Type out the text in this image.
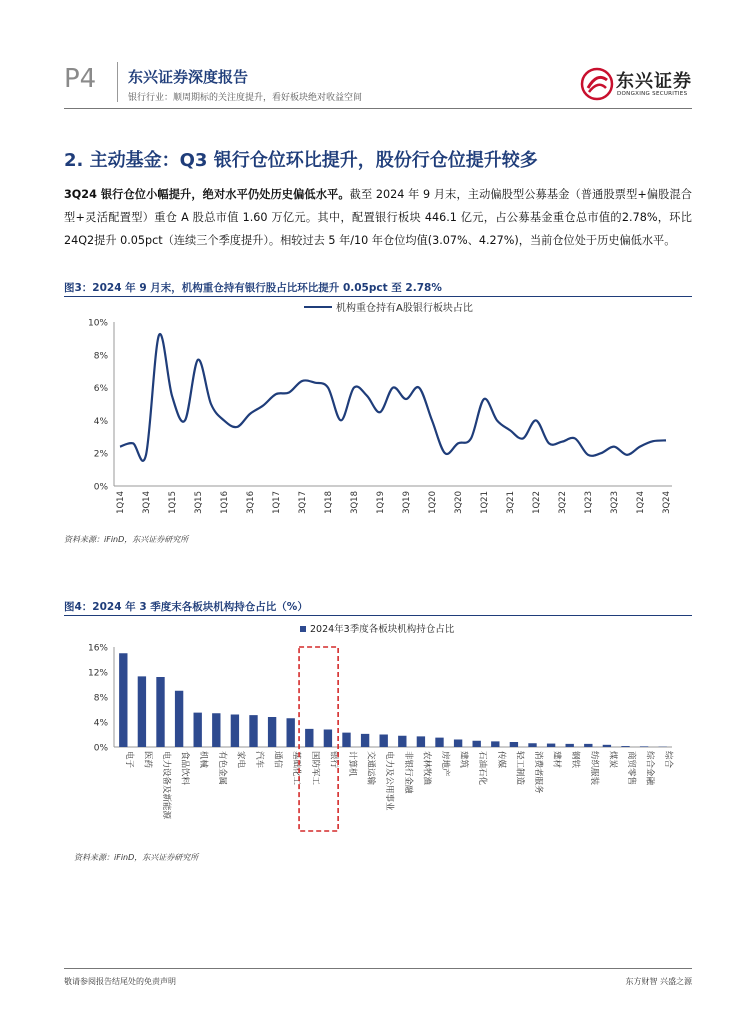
P4 东兴证券深度报告
银行行业：顺周期标的关注度提升，看好板块绝对收益空间
东兴证券
DONGXING SECURITIES
2. 主动基金：Q3 银行仓位环比提升，股份行仓位提升较多
3Q24 银行仓位小幅提升，绝对水平仍处历史偏低水平。截至 2024 年 9 月末，主动偏股型公募基金（普通股票型+偏股混合型+灵活配置型）重仓 A 股总市值 1.60 万亿元。其中，配置银行板块 446.1 亿元，占公募基金重仓总市值的2.78%，环比24Q2提升 0.05pct（连续三个季度提升）。相较过去 5 年/10 年仓位均值(3.07%、4.27%)，当前仓位处于历史偏低水平。
图3：2024 年 9 月末，机构重仓持有银行股占比环比提升 0.05pct 至 2.78%
机构重仓持有A股银行板块占比
0%
2%
4%
6%
8%
10%
1Q14 3Q14 1Q15 3Q15 1Q16 3Q16 1Q17 3Q17 1Q18 3Q18 1Q19 3Q19 1Q20 3Q20 1Q21 3Q21 1Q22 3Q22 1Q23 3Q23 1Q24 3Q24
资料来源：iFinD，东兴证券研究所
图4：2024 年 3 季度末各板块机构持仓占比（%）
2024年3季度各板块机构持仓占比
0%
4%
8%
12%
16%
电子 医药 电力设备及新能源 食品饮料 机械 有色金属 家电 汽车 通信 基础化工 国防军工 银行 计算机 交通运输 电力及公用事业 非银行金融 农林牧渔 房地产 建筑 石油石化 传媒 轻工制造 消费者服务 建材 钢铁 纺织服装 煤炭 商贸零售 综合金融 综合
资料来源：iFinD，东兴证券研究所
敬请参阅报告结尾处的免责声明	东方财智 兴盛之源
